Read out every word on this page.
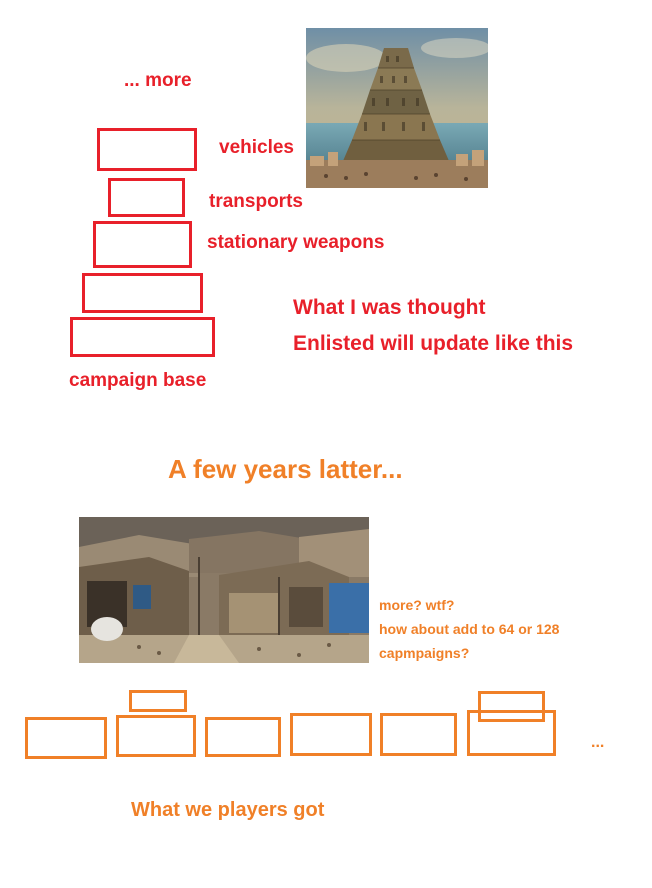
... more
vehicles
transports
stationary weapons
campaign base
What I was thought
Enlisted will update like this
A few years latter...
more? wtf?
how about add to 64 or 128
capmpaigns?
...
What we players got
